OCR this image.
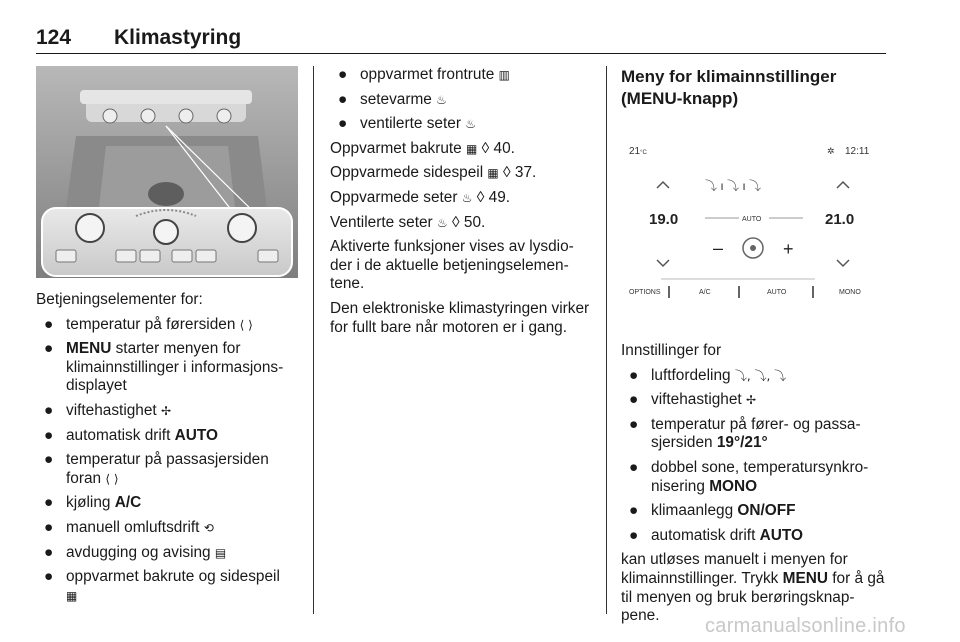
124 Klimastyring

Betjeningselementer for:

● temperatur på førersiden ⟨ ⟩
● MENU starter menyen for klimainnstillinger i informasjons-displayet
● viftehastighet ✢
● automatisk drift AUTO
● temperatur på passasjersiden foran ⟨ ⟩
● kjøling A/C
● manuell omluftsdrift ⟲
● avdugging og avising ▤
● oppvarmet bakrute og sidespeil
▦
● oppvarmet frontrute ▥
● setevarme ♨
● ventilerte seter ♨

Oppvarmet bakrute ▦ ◊ 40.

Oppvarmede sidespeil ▦ ◊ 37.

Oppvarmede seter ♨ ◊ 49.

Ventilerte seter ♨ ◊ 50.

Aktiverte funksjoner vises av lysdio-der i de aktuelle betjeningselemen-tene.

Den elektroniske klimastyringen virker for fullt bare når motoren er i gang.

Meny for klimainnstillinger (MENU-knapp)
21°C	✲ 12:11
19.0	21.0
⤵ ı ⤵ ı ⤵
AUTO
–	+
OPTIONS	A/C	AUTO	MONO

Innstillinger for

● luftfordeling ⤵, ⤵, ⤵
● viftehastighet ✢
● temperatur på fører- og passa-sjersiden 19°/21°
● dobbel sone, temperatursynkro-nisering MONO
● klimaanlegg ON/OFF
● automatisk drift AUTO

kan utløses manuelt i menyen for klimainnstillinger. Trykk MENU for å gå til menyen og bruk berøringsknap-pene.	carmanualsonline.info
